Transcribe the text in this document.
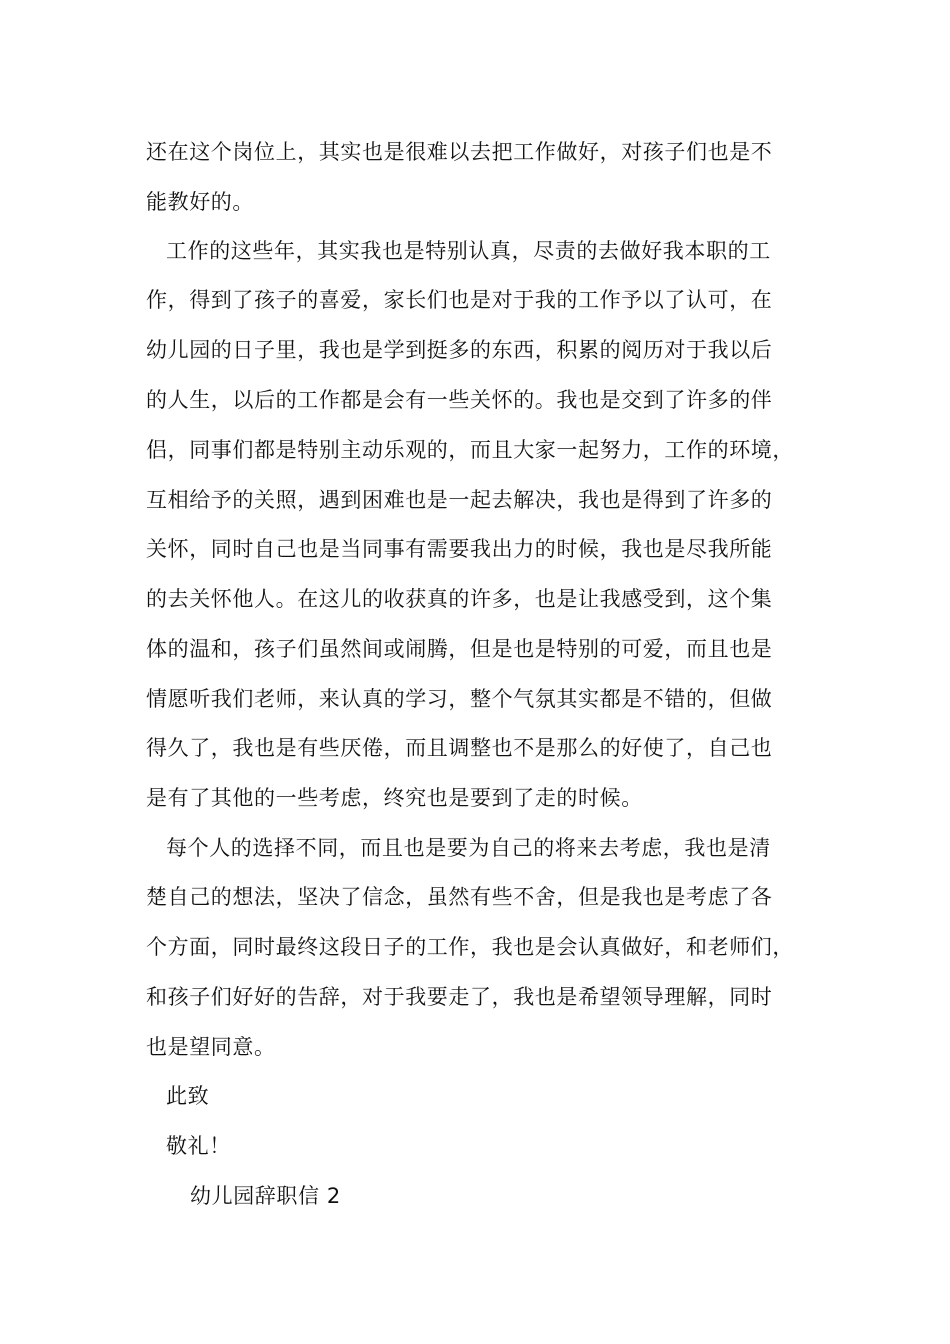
还在这个岗位上，其实也是很难以去把工作做好，对孩子们也是不
能教好的。
工作的这些年，其实我也是特别认真，尽责的去做好我本职的工
作，得到了孩子的喜爱，家长们也是对于我的工作予以了认可，在
幼儿园的日子里，我也是学到挺多的东西，积累的阅历对于我以后
的人生，以后的工作都是会有一些关怀的。我也是交到了许多的伴
侣，同事们都是特别主动乐观的，而且大家一起努力，工作的环境，
互相给予的关照，遇到困难也是一起去解决，我也是得到了许多的
关怀，同时自己也是当同事有需要我出力的时候，我也是尽我所能
的去关怀他人。在这儿的收获真的许多，也是让我感受到，这个集
体的温和，孩子们虽然间或闹腾，但是也是特别的可爱，而且也是
情愿听我们老师，来认真的学习，整个气氛其实都是不错的，但做
得久了，我也是有些厌倦，而且调整也不是那么的好使了，自己也
是有了其他的一些考虑，终究也是要到了走的时候。
每个人的选择不同，而且也是要为自己的将来去考虑，我也是清
楚自己的想法，坚决了信念，虽然有些不舍，但是我也是考虑了各
个方面，同时最终这段日子的工作，我也是会认真做好，和老师们，
和孩子们好好的告辞，对于我要走了，我也是希望领导理解，同时
也是望同意。
此致
敬礼！
幼儿园辞职信 2
